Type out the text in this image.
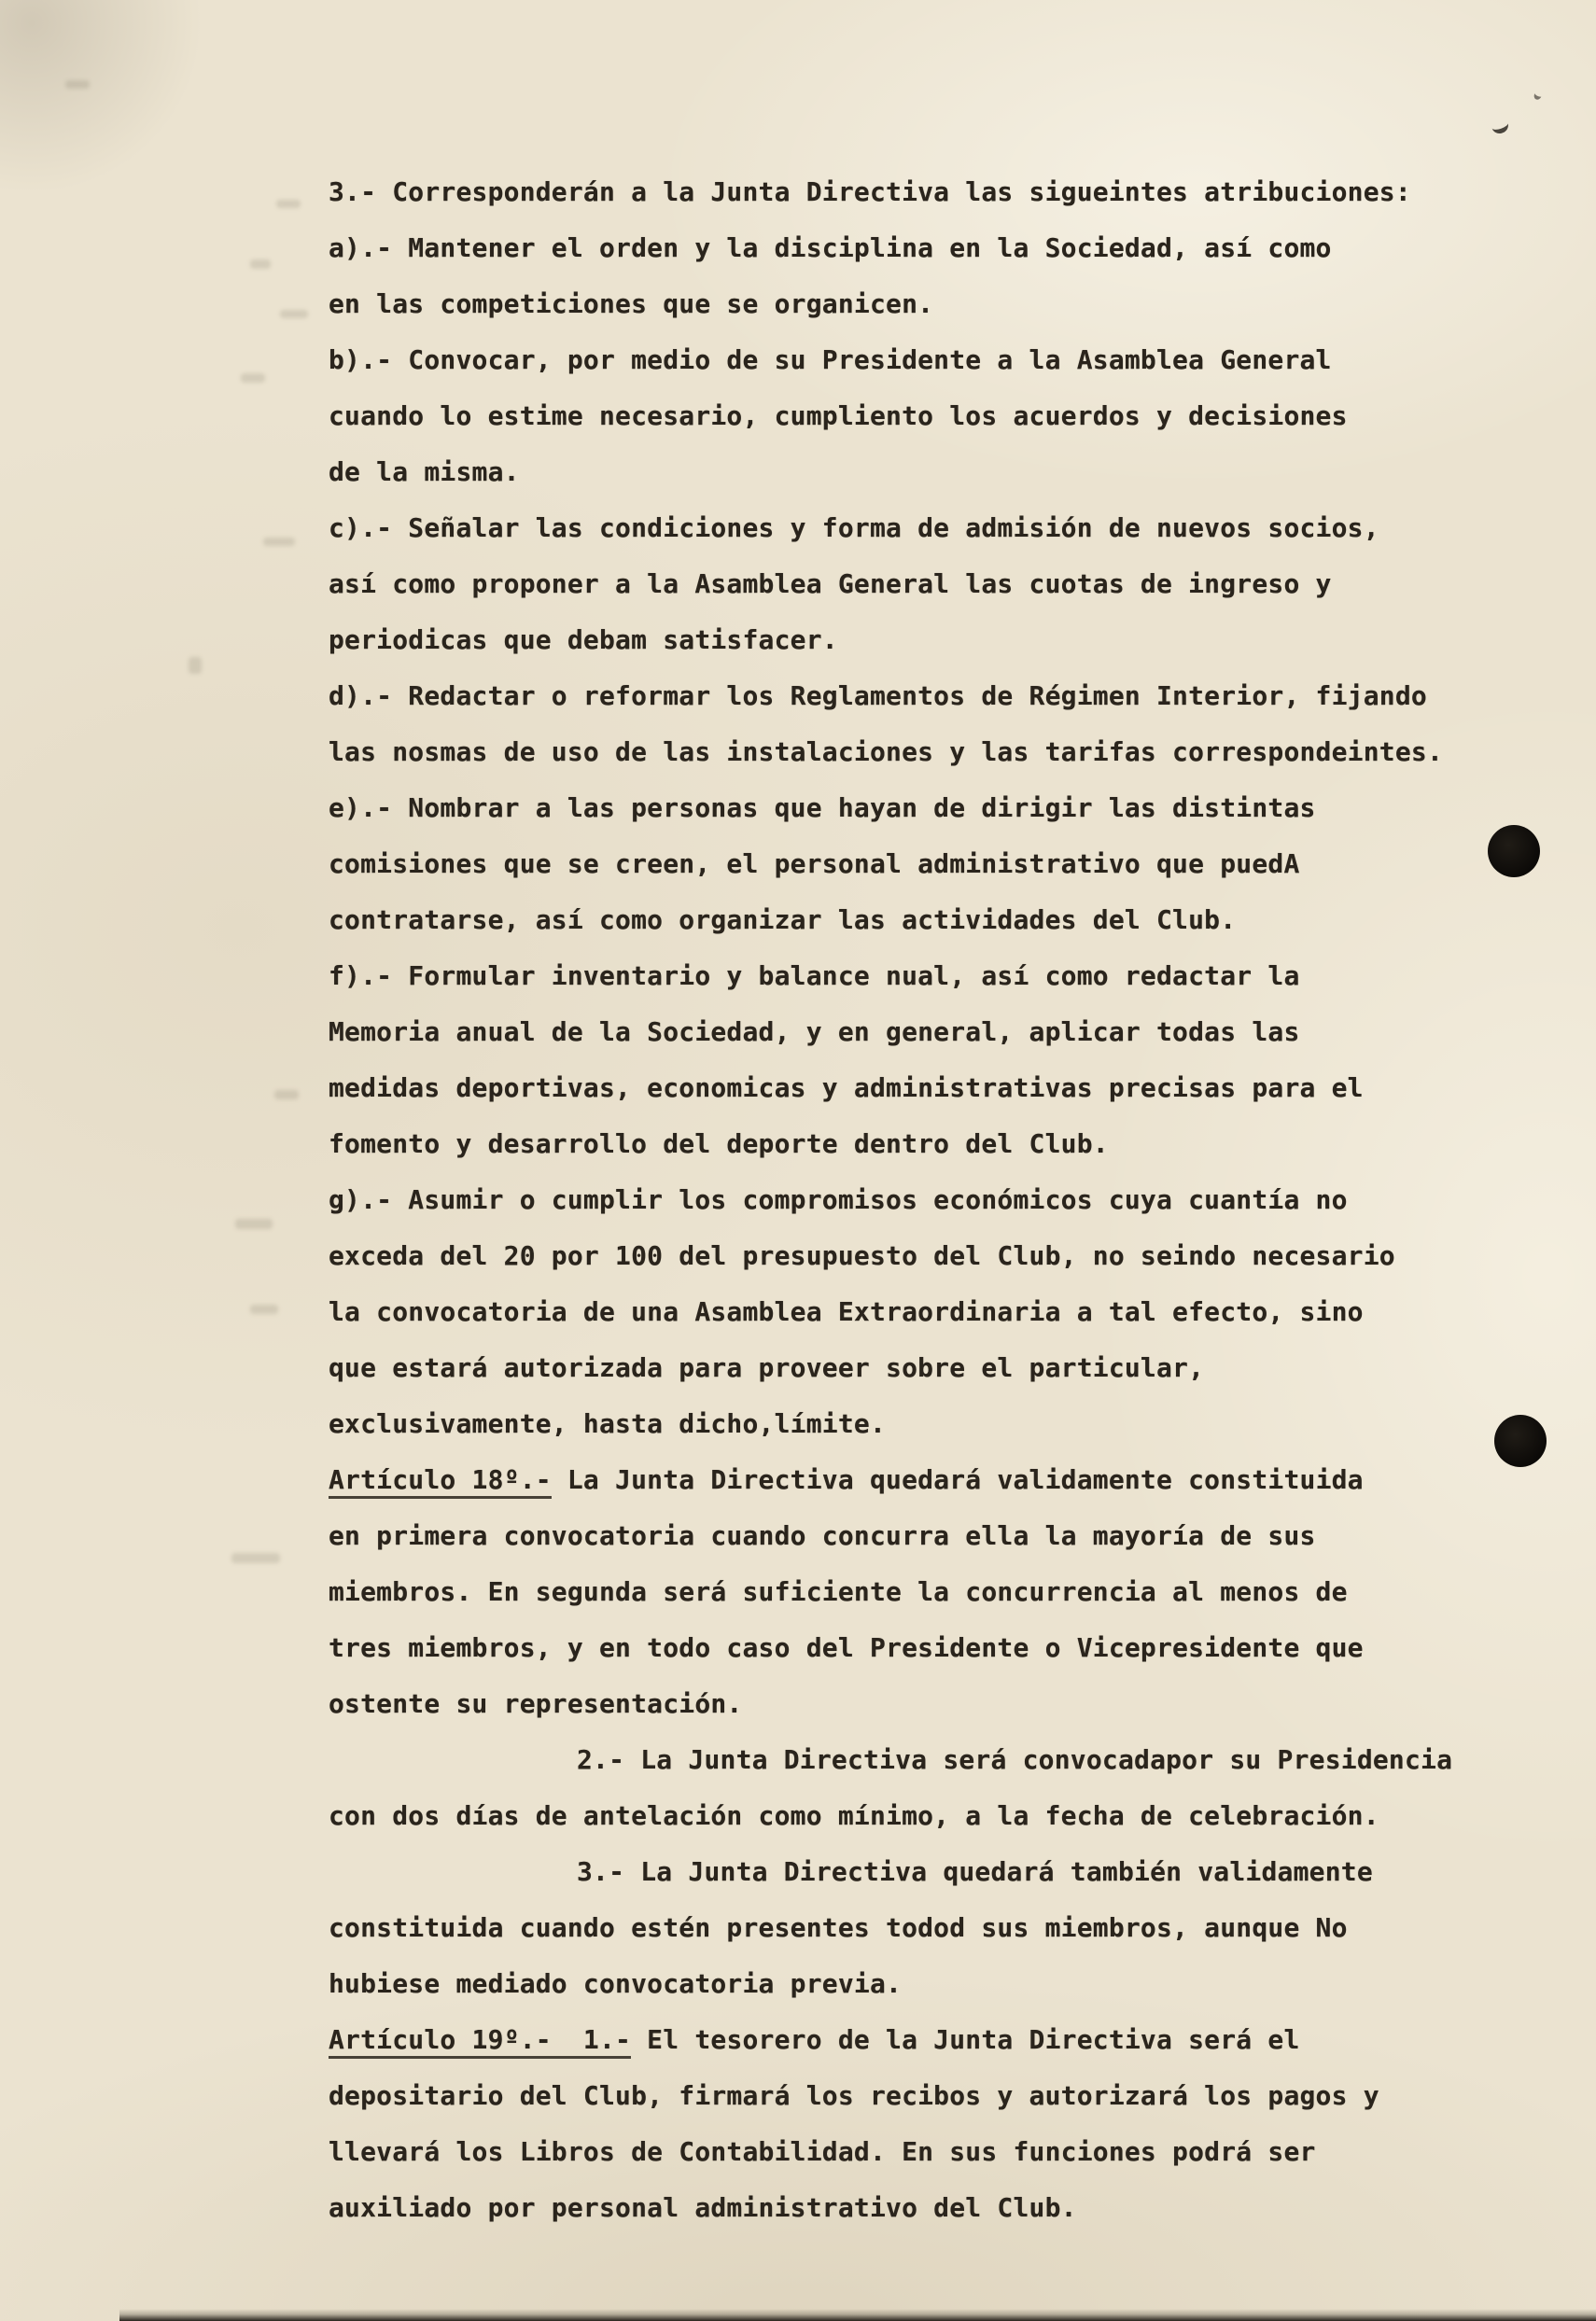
3.- Corresponderán a la Junta Directiva las sigueintes atribuciones:
a).- Mantener el orden y la disciplina en la Sociedad, así como
en las competiciones que se organicen.
b).- Convocar, por medio de su Presidente a la Asamblea General
cuando lo estime necesario, cumpliento los acuerdos y decisiones
de la misma.
c).- Señalar las condiciones y forma de admisión de nuevos socios,
así como proponer a la Asamblea General las cuotas de ingreso y
periodicas que debam satisfacer.
d).- Redactar o reformar los Reglamentos de Régimen Interior, fijando
las nosmas de uso de las instalaciones y las tarifas correspondeintes.
e).- Nombrar a las personas que hayan de dirigir las distintas
comisiones que se creen, el personal administrativo que puedA
contratarse, así como organizar las actividades del Club.
f).- Formular inventario y balance nual, así como redactar la
Memoria anual de la Sociedad, y en general, aplicar todas las
medidas deportivas, economicas y administrativas precisas para el
fomento y desarrollo del deporte dentro del Club.
g).- Asumir o cumplir los compromisos económicos cuya cuantía no
exceda del 20 por 100 del presupuesto del Club, no seindo necesario
la convocatoria de una Asamblea Extraordinaria a tal efecto, sino
que estará autorizada para proveer sobre el particular,
exclusivamente, hasta dicho,límite.
Artículo 18º.- La Junta Directiva quedará validamente constituida
en primera convocatoria cuando concurra ella la mayoría de sus
miembros. En segunda será suficiente la concurrencia al menos de
tres miembros, y en todo caso del Presidente o Vicepresidente que
ostente su representación.
2.- La Junta Directiva será convocadapor su Presidencia
con dos días de antelación como mínimo, a la fecha de celebración.
3.- La Junta Directiva quedará también validamente
constituida cuando estén presentes todod sus miembros, aunque No
hubiese mediado convocatoria previa.
Artículo 19º.-  1.- El tesorero de la Junta Directiva será el
depositario del Club, firmará los recibos y autorizará los pagos y
llevará los Libros de Contabilidad. En sus funciones podrá ser
auxiliado por personal administrativo del Club.
